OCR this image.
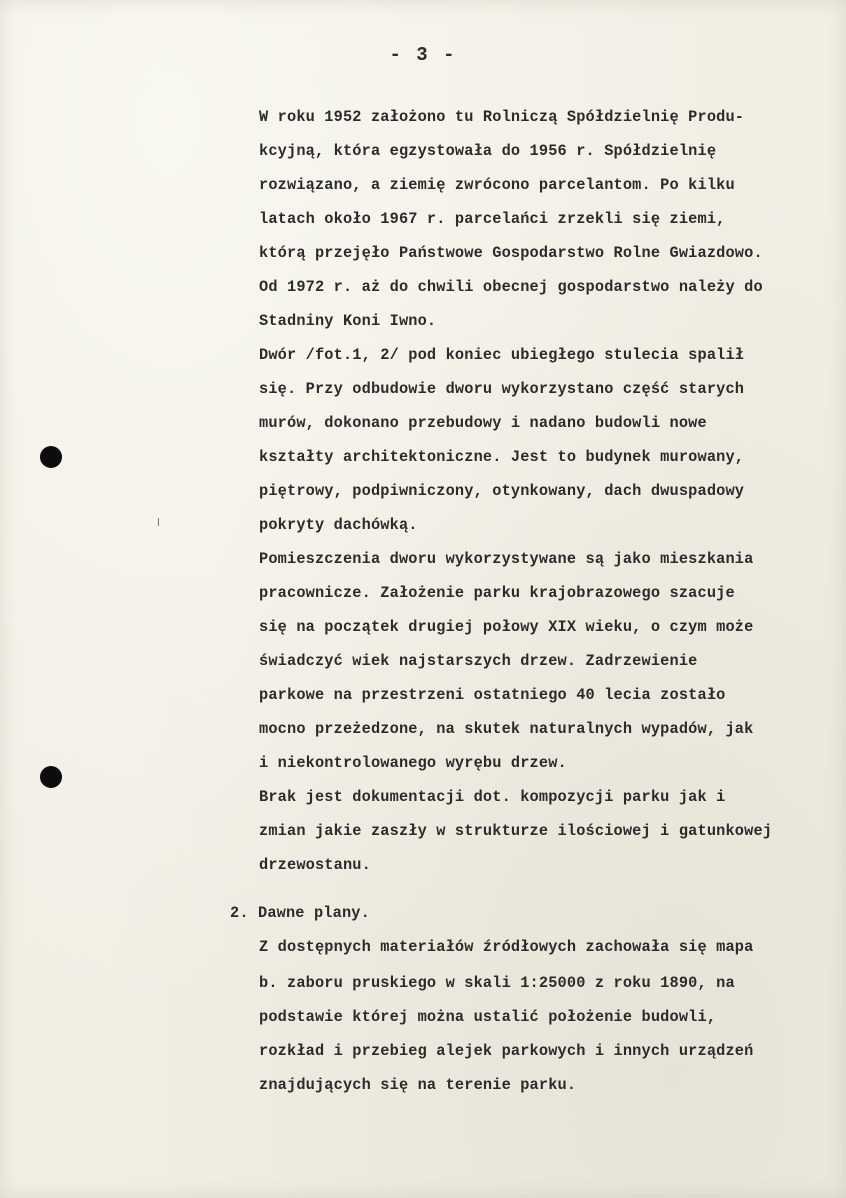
- 3 -
W roku 1952 założono tu Rolniczą Spółdzielnię Produ-
kcyjną, która egzystowała do 1956 r. Spółdzielnię
rozwiązano, a ziemię zwrócono parcelantom. Po kilku
latach około 1967 r. parcelańci zrzekli się ziemi,
którą przejęło Państwowe Gospodarstwo Rolne Gwiazdowo.
Od 1972 r. aż do chwili obecnej gospodarstwo należy do
Stadniny Koni Iwno.
Dwór /fot.1, 2/ pod koniec ubiegłego stulecia spalił
się. Przy odbudowie dworu wykorzystano część starych
murów, dokonano przebudowy i nadano budowli nowe
kształty architektoniczne. Jest to budynek murowany,
piętrowy, podpiwniczony, otynkowany, dach dwuspadowy
pokryty dachówką.
Pomieszczenia dworu wykorzystywane są jako mieszkania
pracownicze. Założenie parku krajobrazowego szacuje
się na początek drugiej połowy XIX wieku, o czym może
świadczyć wiek najstarszych drzew. Zadrzewienie
parkowe na przestrzeni ostatniego 40 lecia zostało
mocno przeżedzone, na skutek naturalnych wypadów, jak
i niekontrolowanego wyrębu drzew.
Brak jest dokumentacji dot. kompozycji parku jak i
zmian jakie zaszły w strukturze ilościowej i gatunkowej
drzewostanu.
2. Dawne plany.
Z dostępnych materiałów źródłowych zachowała się mapa
b. zaboru pruskiego w skali 1:25000 z roku 1890, na
podstawie której można ustalić położenie budowli,
rozkład i przebieg alejek parkowych i innych urządzeń
znajdujących się na terenie parku.
